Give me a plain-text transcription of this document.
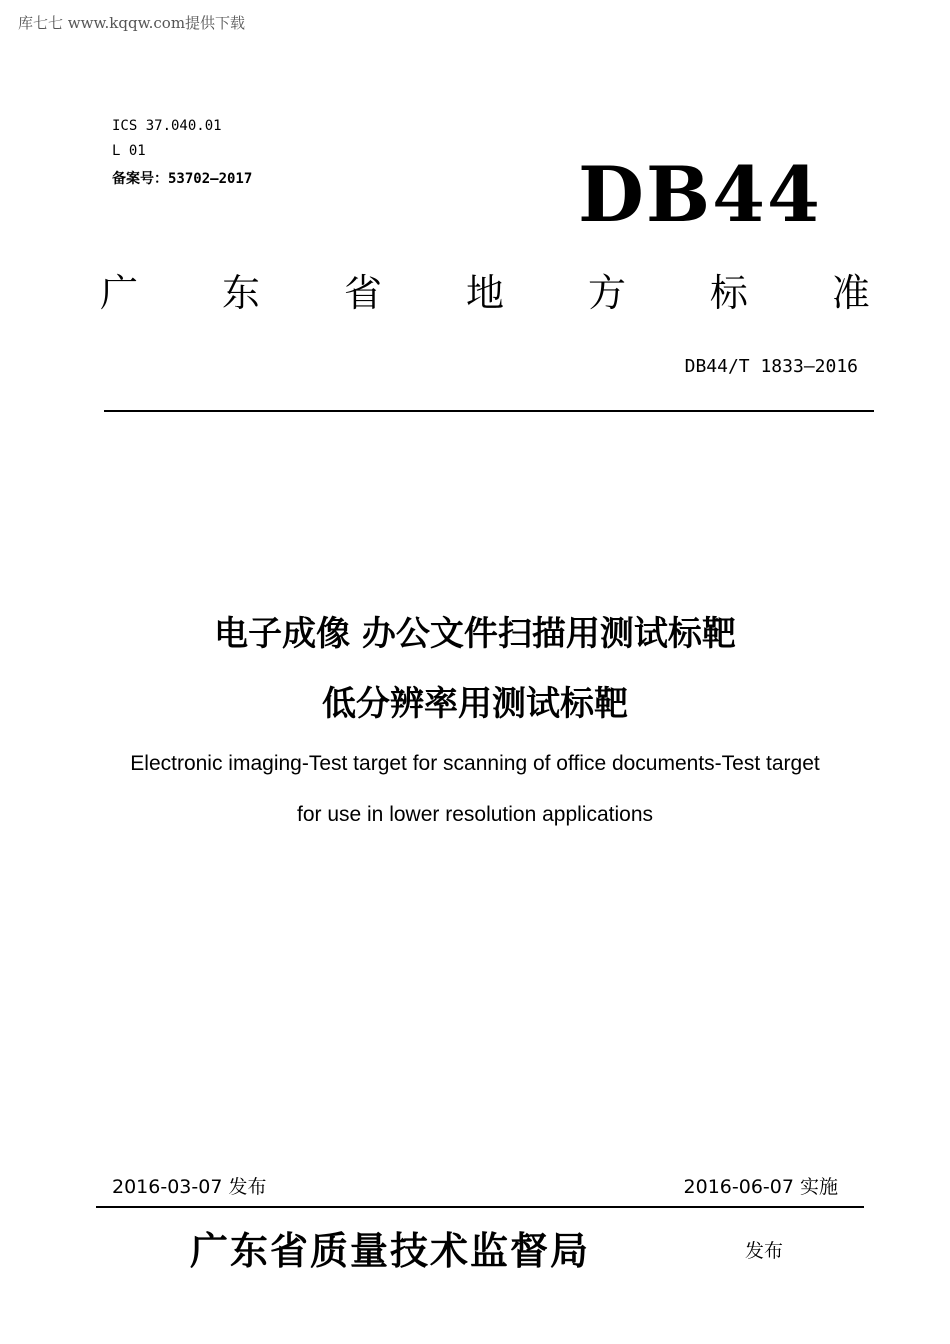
库七七 www.kqqw.com提供下载
ICS 37.040.01
L 01
备案号：53702—2017	DB44
广 东 省 地 方 标 准
DB44/T 1833—2016
电子成像 办公文件扫描用测试标靶
低分辨率用测试标靶
Electronic imaging-Test target for scanning of office documents-Test target
for use in lower resolution applications
2016-03-07 发布	2016-06-07 实施
广东省质量技术监督局	发布
